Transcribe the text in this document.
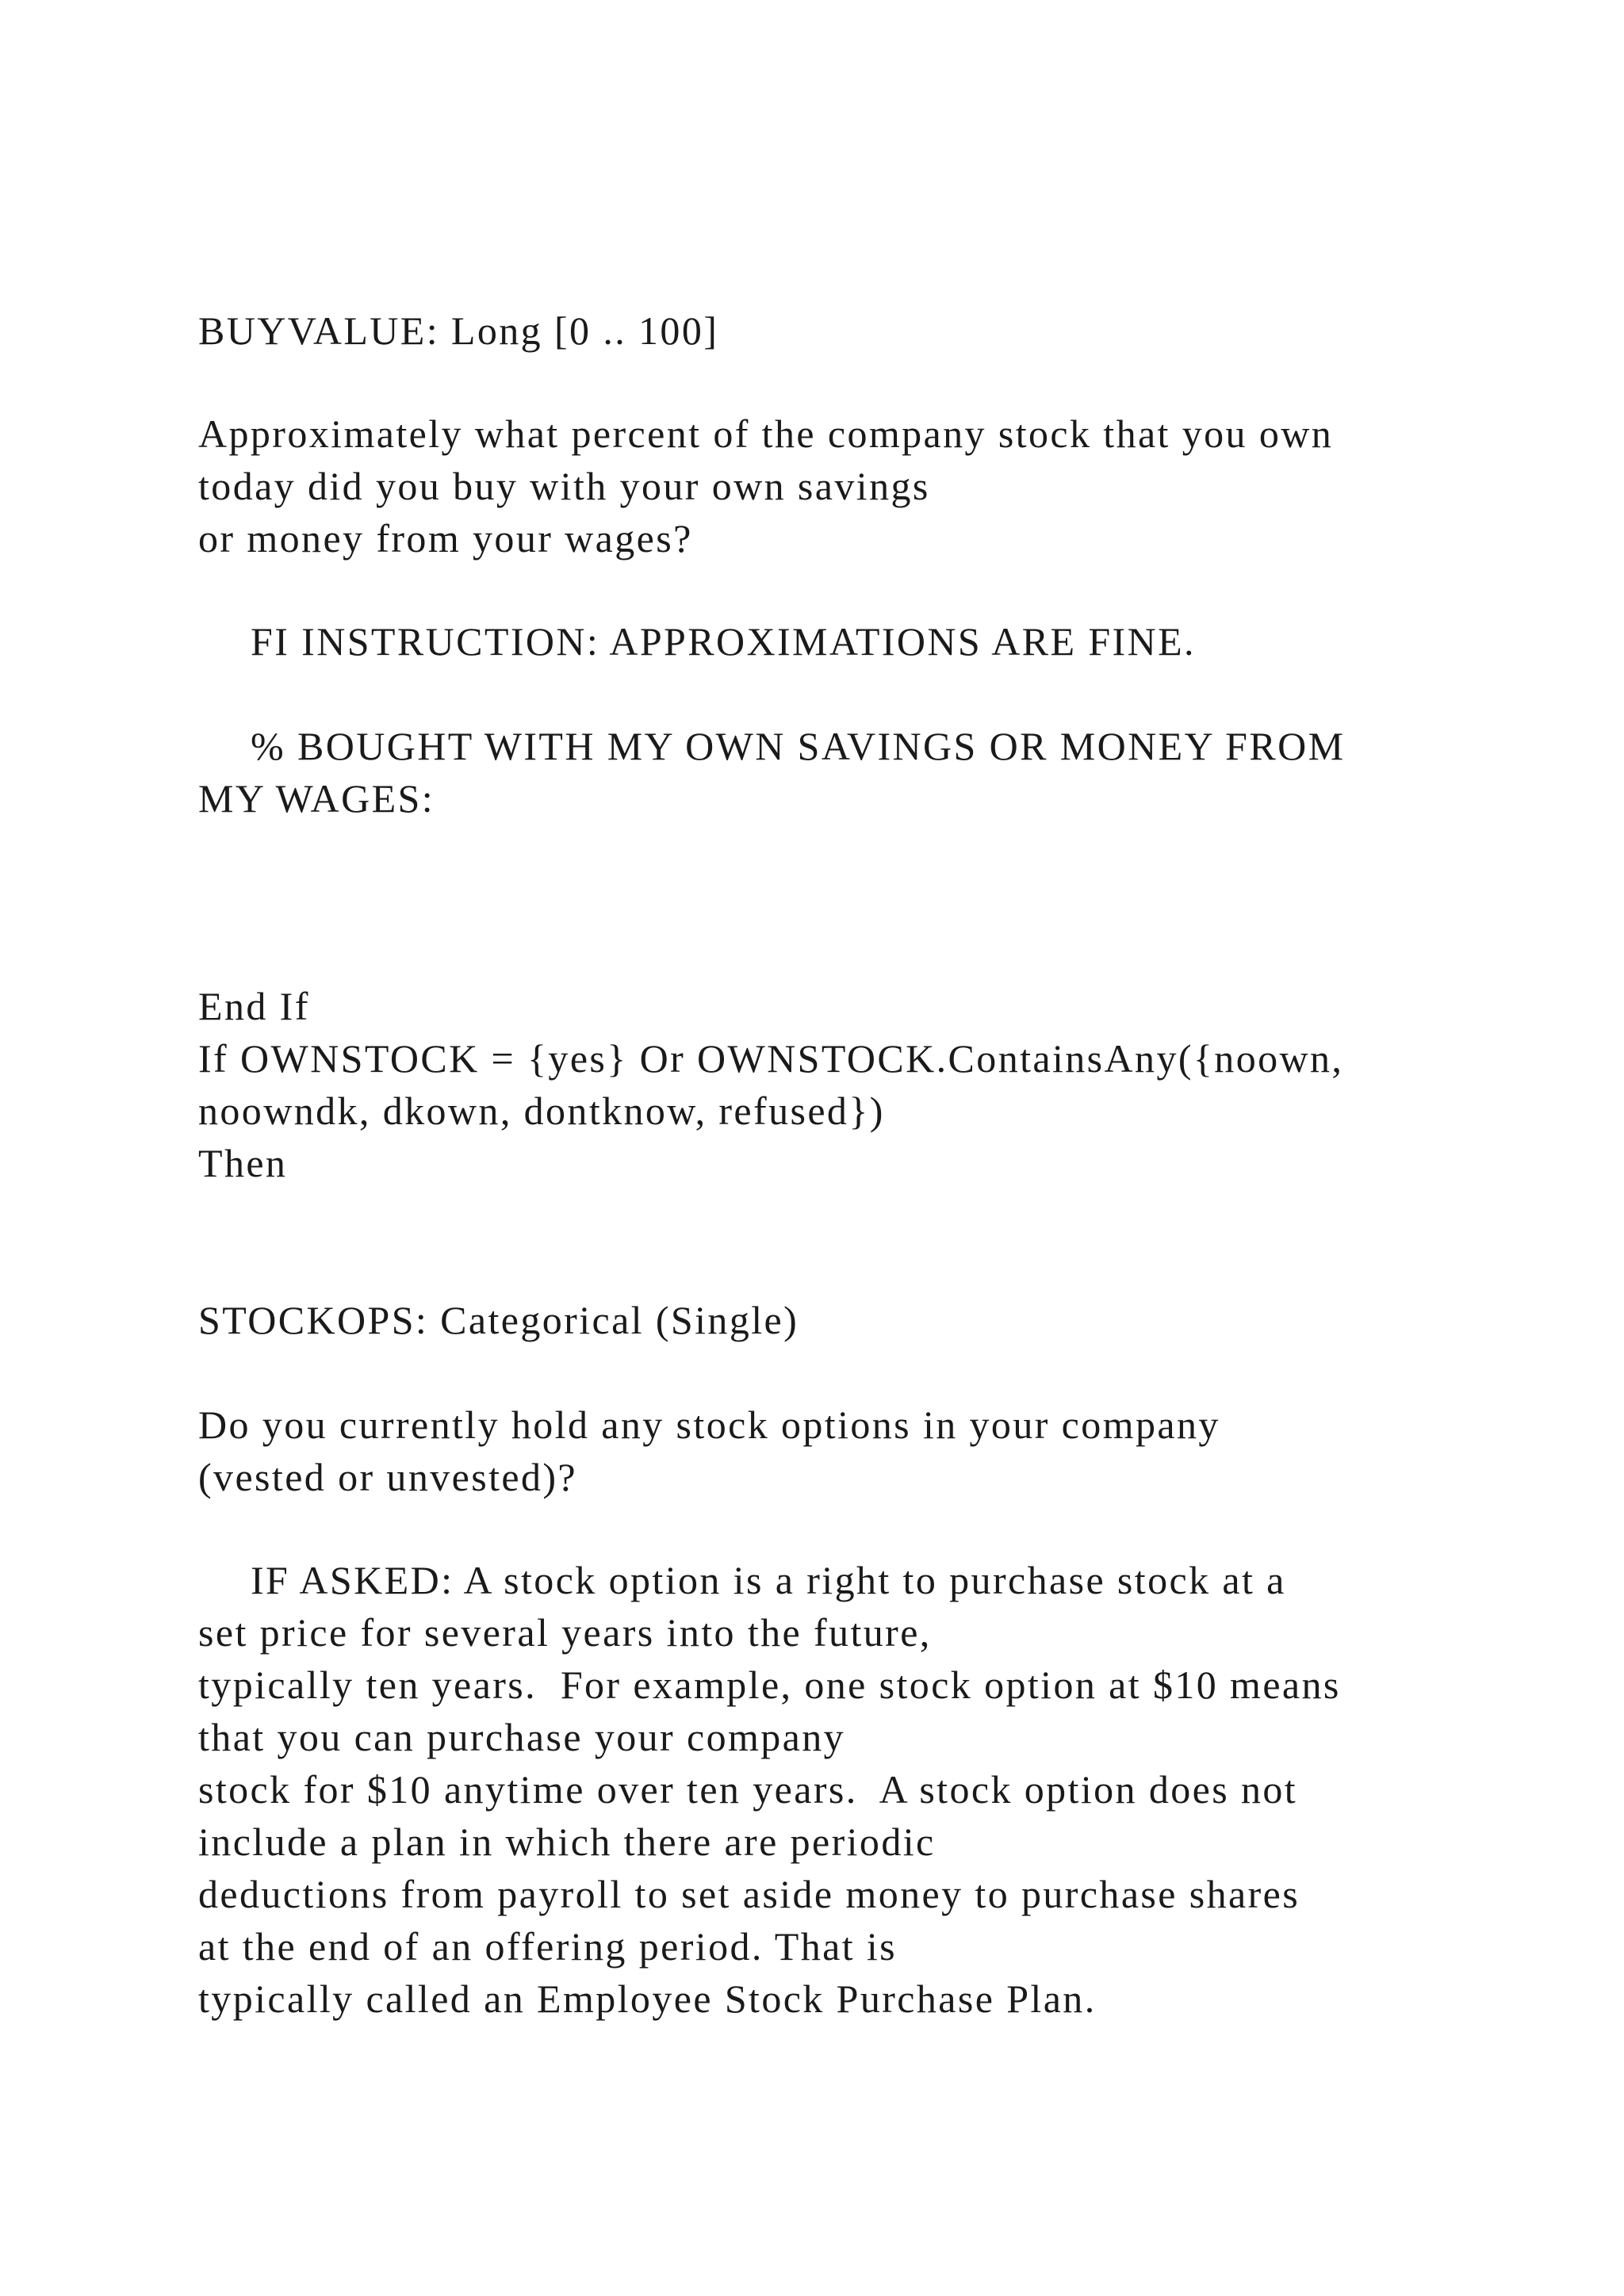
BUYVALUE: Long [0 .. 100]

Approximately what percent of the company stock that you own

today did you buy with your own savings

or money from your wages?

FI INSTRUCTION: APPROXIMATIONS ARE FINE.

% BOUGHT WITH MY OWN SAVINGS OR MONEY FROM

MY WAGES:

End If

If OWNSTOCK = {yes} Or OWNSTOCK.ContainsAny({noown,

noowndk, dkown, dontknow, refused})

Then

STOCKOPS: Categorical (Single)

Do you currently hold any stock options in your company

(vested or unvested)?

IF ASKED: A stock option is a right to purchase stock at a

set price for several years into the future,

typically ten years.  For example, one stock option at $10 means

that you can purchase your company

stock for $10 anytime over ten years.  A stock option does not

include a plan in which there are periodic

deductions from payroll to set aside money to purchase shares

at the end of an offering period. That is

typically called an Employee Stock Purchase Plan.
